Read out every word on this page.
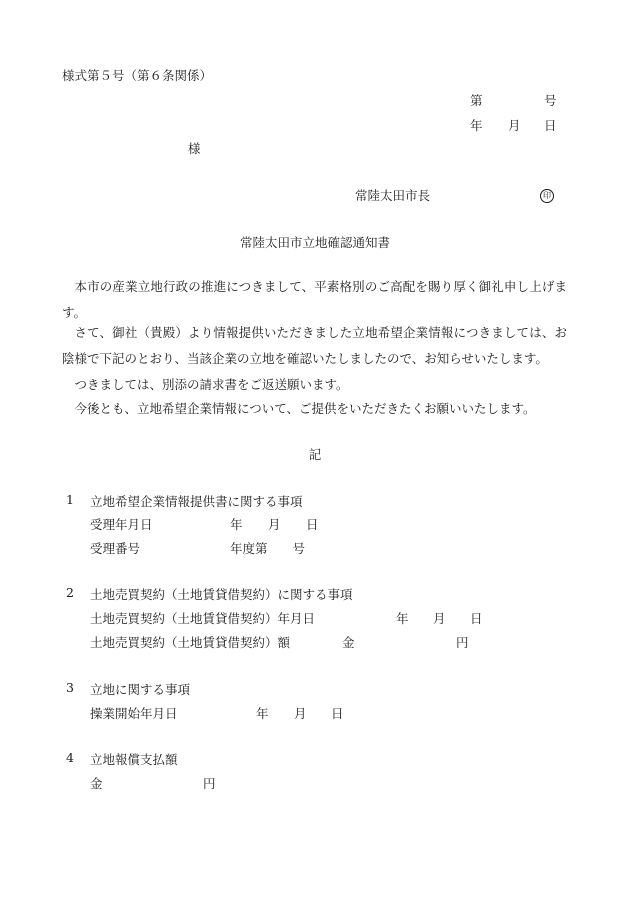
様式第５号（第６条関係）
第	号
年 月 日
様
常陸太田市長	印
常陸太田市立地確認通知書
本市の産業立地行政の推進につきまして、平素格別のご高配を賜り厚く御礼申し上げます。
さて、御社（貴殿）より情報提供いただきました立地希望企業情報につきましては、お陰様で下記のとおり、当該企業の立地を確認いたしましたので、お知らせいたします。
つきましては、別添の請求書をご返送願います。
今後とも、立地希望企業情報について、ご提供をいただきたくお願いいたします。
記
1 立地希望企業情報提供書に関する事項
受理年月日	年 月 日
受理番号	年度第　　号
2 土地売買契約（土地賃貸借契約）に関する事項
土地売買契約（土地賃貸借契約）年月日	年 月 日
土地売買契約（土地賃貸借契約）額	金	円
3 立地に関する事項
操業開始年月日	年 月 日
4 立地報償支払額
金	円
